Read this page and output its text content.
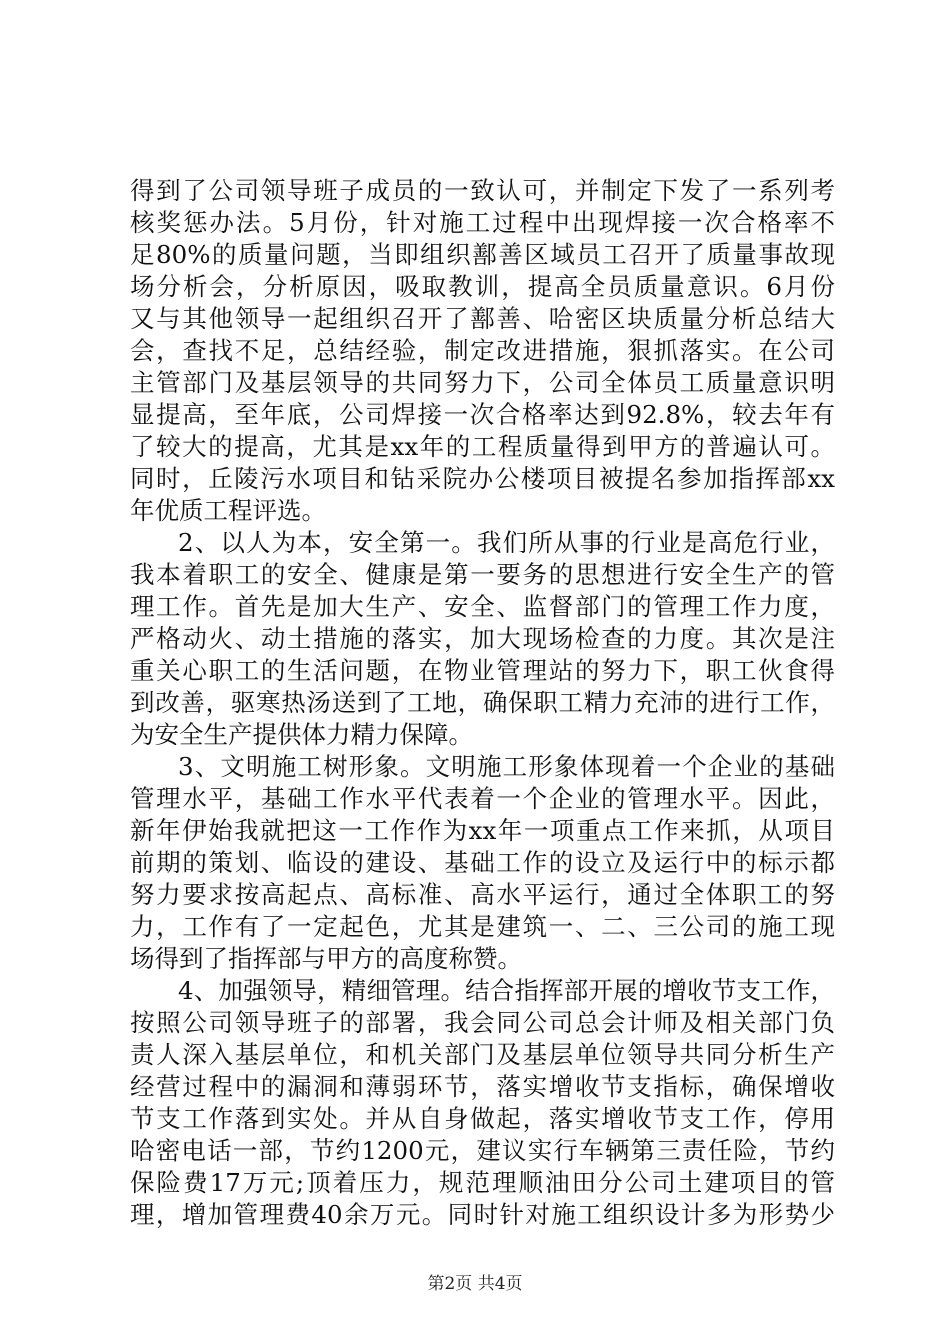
得到了公司领导班子成员的一致认可，并制定下发了一系列考
核奖惩办法。5月份，针对施工过程中出现焊接一次合格率不
足80%的质量问题，当即组织鄯善区域员工召开了质量事故现
场分析会，分析原因，吸取教训，提高全员质量意识。6月份
又与其他领导一起组织召开了鄯善、哈密区块质量分析总结大
会，查找不足，总结经验，制定改进措施，狠抓落实。在公司
主管部门及基层领导的共同努力下，公司全体员工质量意识明
显提高，至年底，公司焊接一次合格率达到92.8%，较去年有
了较大的提高，尤其是xx年的工程质量得到甲方的普遍认可。
同时，丘陵污水项目和钻采院办公楼项目被提名参加指挥部xx
年优质工程评选。
2、以人为本，安全第一。我们所从事的行业是高危行业，
我本着职工的安全、健康是第一要务的思想进行安全生产的管
理工作。首先是加大生产、安全、监督部门的管理工作力度，
严格动火、动土措施的落实，加大现场检查的力度。其次是注
重关心职工的生活问题，在物业管理站的努力下，职工伙食得
到改善，驱寒热汤送到了工地，确保职工精力充沛的进行工作，
为安全生产提供体力精力保障。
3、文明施工树形象。文明施工形象体现着一个企业的基础
管理水平，基础工作水平代表着一个企业的管理水平。因此，
新年伊始我就把这一工作作为xx年一项重点工作来抓，从项目
前期的策划、临设的建设、基础工作的设立及运行中的标示都
努力要求按高起点、高标准、高水平运行，通过全体职工的努
力，工作有了一定起色，尤其是建筑一、二、三公司的施工现
场得到了指挥部与甲方的高度称赞。
4、加强领导，精细管理。结合指挥部开展的增收节支工作，
按照公司领导班子的部署，我会同公司总会计师及相关部门负
责人深入基层单位，和机关部门及基层单位领导共同分析生产
经营过程中的漏洞和薄弱环节，落实增收节支指标，确保增收
节支工作落到实处。并从自身做起，落实增收节支工作，停用
哈密电话一部，节约1200元，建议实行车辆第三责任险，节约
保险费17万元;顶着压力，规范理顺油田分公司土建项目的管
理，增加管理费40余万元。同时针对施工组织设计多为形势少
第2页 共4页
